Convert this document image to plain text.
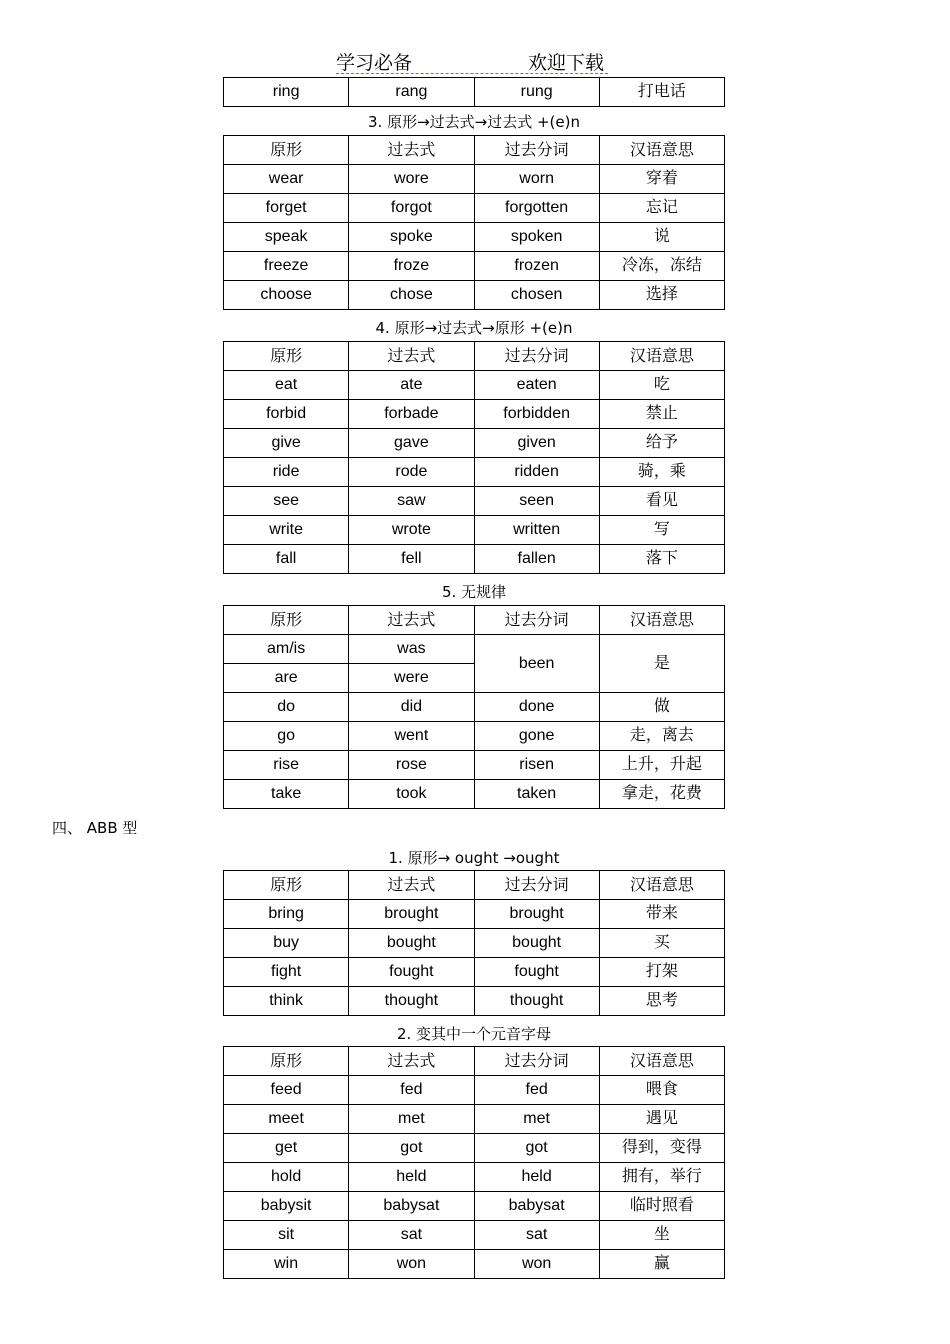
学习必备	欢迎下载
ring	rang	rung	打电话
3. 原形→过去式→过去式 +(e)n
原形	过去式	过去分词	汉语意思
wear	wore	worn	穿着
forget	forgot	forgotten	忘记
speak	spoke	spoken	说
freeze	froze	frozen	冷冻，冻结
choose	chose	chosen	选择
4. 原形→过去式→原形 +(e)n
原形	过去式	过去分词	汉语意思
eat	ate	eaten	吃
forbid	forbade	forbidden	禁止
give	gave	given	给予
ride	rode	ridden	骑，乘
see	saw	seen	看见
write	wrote	written	写
fall	fell	fallen	落下
5. 无规律
原形	过去式	过去分词	汉语意思
am/is	was	been	是
are	were		
do	did	done	做
go	went	gone	走，离去
rise	rose	risen	上升，升起
take	took	taken	拿走，花费
四、 ABB 型
1. 原形→ ought →ought
原形	过去式	过去分词	汉语意思
bring	brought	brought	带来
buy	bought	bought	买
fight	fought	fought	打架
think	thought	thought	思考
2. 变其中一个元音字母
原形	过去式	过去分词	汉语意思
feed	fed	fed	喂食
meet	met	met	遇见
get	got	got	得到，变得
hold	held	held	拥有，举行
babysit	babysat	babysat	临时照看
sit	sat	sat	坐
win	won	won	赢
